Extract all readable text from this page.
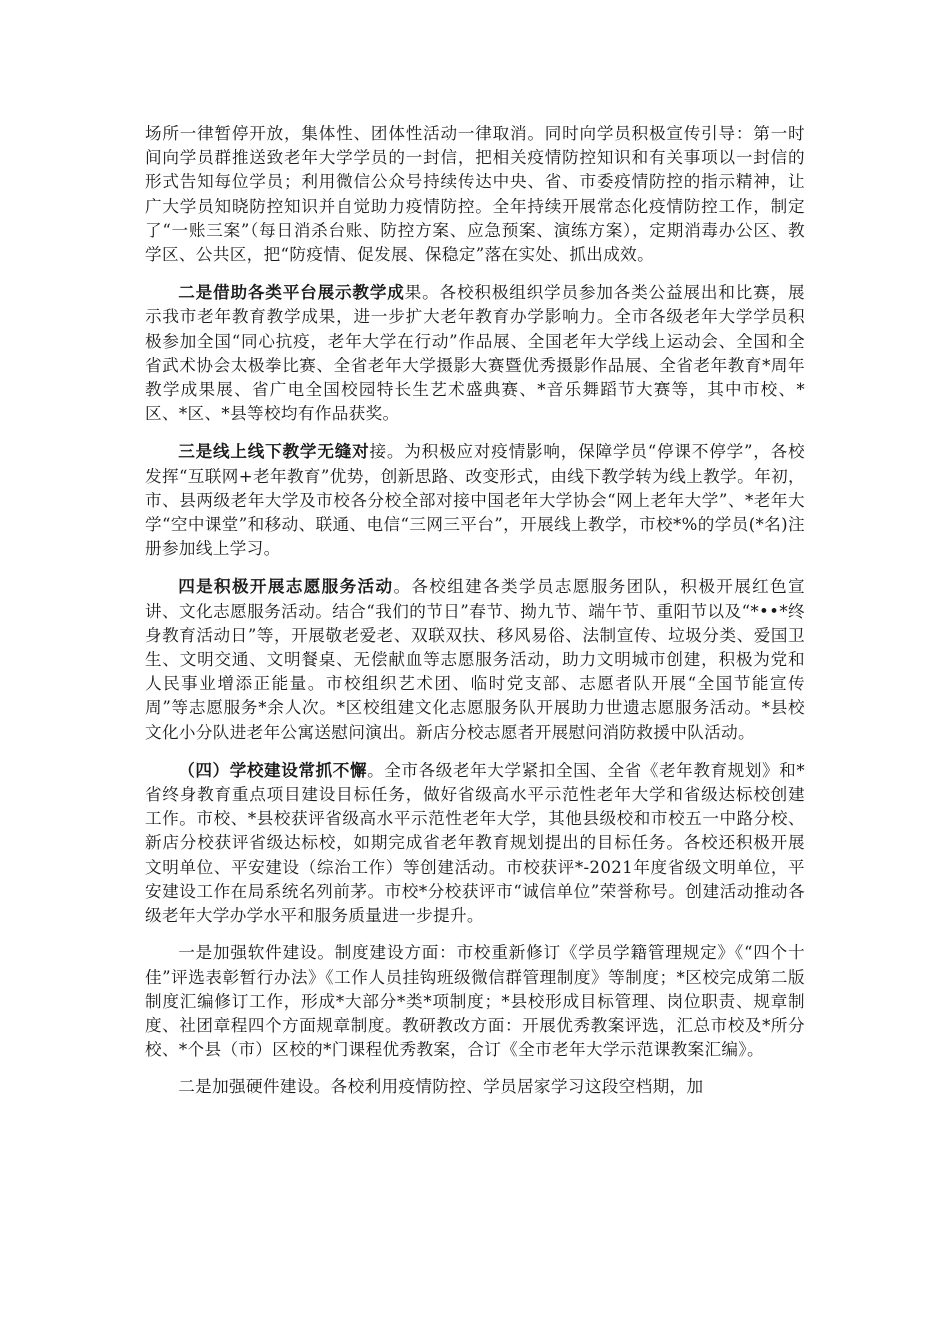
场所一律暂停开放，集体性、团体性活动一律取消。同时向学员积极宣传引导：第一时间向学员群推送致老年大学学员的一封信，把相关疫情防控知识和有关事项以一封信的形式告知每位学员；利用微信公众号持续传达中央、省、市委疫情防控的指示精神，让广大学员知晓防控知识并自觉助力疫情防控。全年持续开展常态化疫情防控工作，制定了“一账三案”（每日消杀台账、防控方案、应急预案、演练方案），定期消毒办公区、教学区、公共区，把“防疫情、促发展、保稳定”落在实处、抓出成效。

二是借助各类平台展示教学成果。各校积极组织学员参加各类公益展出和比赛，展示我市老年教育教学成果，进一步扩大老年教育办学影响力。全市各级老年大学学员积极参加全国“同心抗疫，老年大学在行动”作品展、全国老年大学线上运动会、全国和全省武术协会太极拳比赛、全省老年大学摄影大赛暨优秀摄影作品展、全省老年教育*周年教学成果展、省广电全国校园特长生艺术盛典赛、*音乐舞蹈节大赛等，其中市校、*区、*区、*县等校均有作品获奖。

三是线上线下教学无缝对接。为积极应对疫情影响，保障学员“停课不停学”，各校发挥“互联网+老年教育”优势，创新思路、改变形式，由线下教学转为线上教学。年初，市、县两级老年大学及市校各分校全部对接中国老年大学协会“网上老年大学”、*老年大学“空中课堂”和移动、联通、电信“三网三平台”，开展线上教学，市校*%的学员(*名)注册参加线上学习。

四是积极开展志愿服务活动。各校组建各类学员志愿服务团队，积极开展红色宣讲、文化志愿服务活动。结合“我们的节日”春节、拗九节、端午节、重阳节以及“*••*终身教育活动日”等，开展敬老爱老、双联双扶、移风易俗、法制宣传、垃圾分类、爱国卫生、文明交通、文明餐桌、无偿献血等志愿服务活动，助力文明城市创建，积极为党和人民事业增添正能量。市校组织艺术团、临时党支部、志愿者队开展“全国节能宣传周”等志愿服务*余人次。*区校组建文化志愿服务队开展助力世遗志愿服务活动。*县校文化小分队进老年公寓送慰问演出。新店分校志愿者开展慰问消防救援中队活动。

（四）学校建设常抓不懈。全市各级老年大学紧扣全国、全省《老年教育规划》和*省终身教育重点项目建设目标任务，做好省级高水平示范性老年大学和省级达标校创建工作。市校、*县校获评省级高水平示范性老年大学，其他县级校和市校五一中路分校、新店分校获评省级达标校，如期完成省老年教育规划提出的目标任务。各校还积极开展文明单位、平安建设（综治工作）等创建活动。市校获评*-2021年度省级文明单位，平安建设工作在局系统名列前茅。市校*分校获评市“诚信单位”荣誉称号。创建活动推动各级老年大学办学水平和服务质量进一步提升。

一是加强软件建设。制度建设方面：市校重新修订《学员学籍管理规定》《“四个十佳”评选表彰暂行办法》《工作人员挂钩班级微信群管理制度》等制度；*区校完成第二版制度汇编修订工作，形成*大部分*类*项制度；*县校形成目标管理、岗位职责、规章制度、社团章程四个方面规章制度。教研教改方面：开展优秀教案评选，汇总市校及*所分校、*个县（市）区校的*门课程优秀教案，合订《全市老年大学示范课教案汇编》。

二是加强硬件建设。各校利用疫情防控、学员居家学习这段空档期，加
